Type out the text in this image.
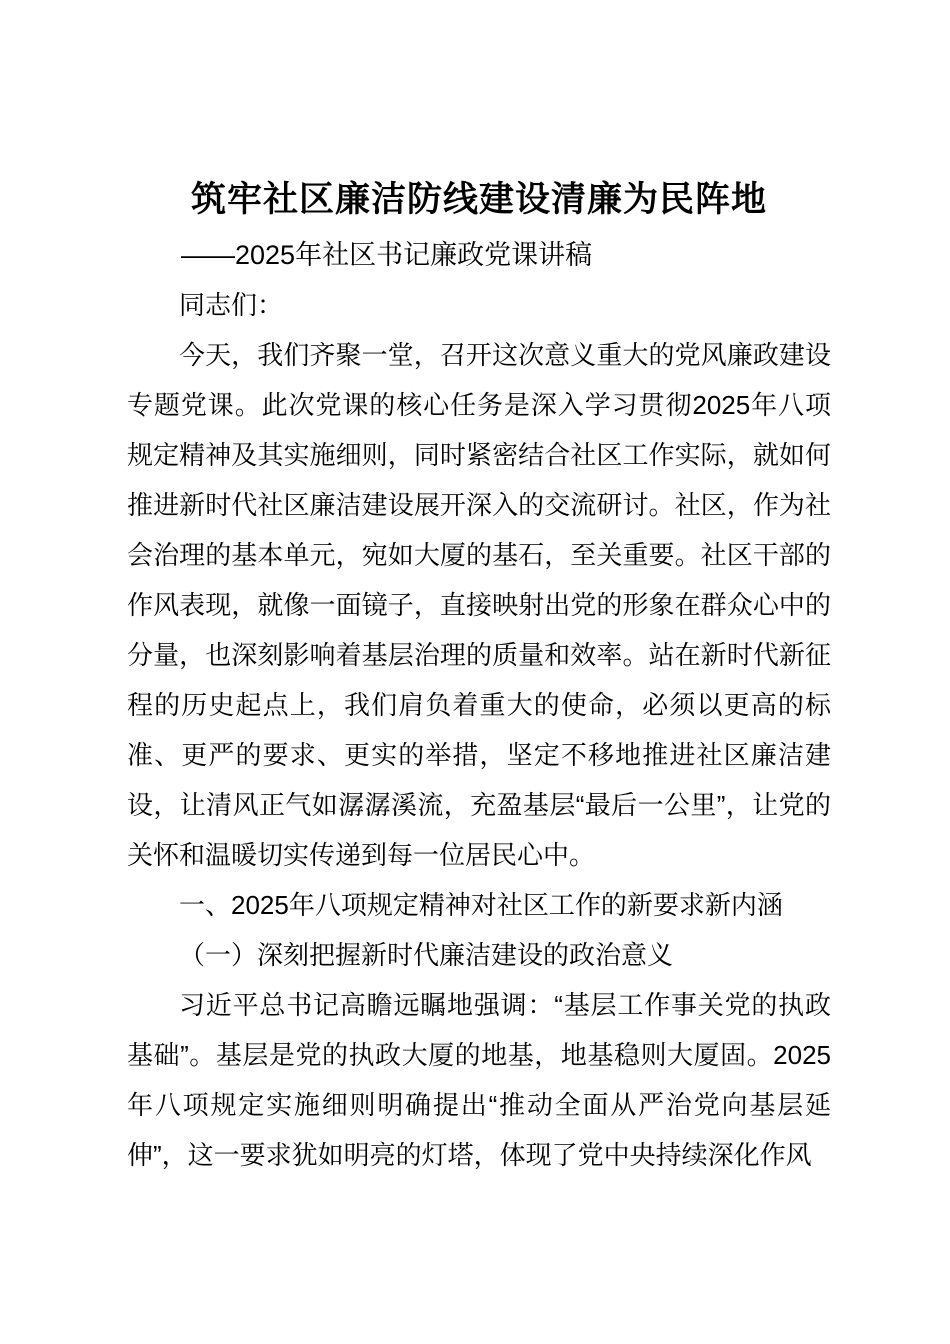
筑牢社区廉洁防线建设清廉为民阵地

——2025年社区书记廉政党课讲稿

同志们：

今天，我们齐聚一堂，召开这次意义重大的党风廉政建设专题党课。此次党课的核心任务是深入学习贯彻2025年八项规定精神及其实施细则，同时紧密结合社区工作实际，就如何推进新时代社区廉洁建设展开深入的交流研讨。社区，作为社会治理的基本单元，宛如大厦的基石，至关重要。社区干部的作风表现，就像一面镜子，直接映射出党的形象在群众心中的分量，也深刻影响着基层治理的质量和效率。站在新时代新征程的历史起点上，我们肩负着重大的使命，必须以更高的标准、更严的要求、更实的举措，坚定不移地推进社区廉洁建设，让清风正气如潺潺溪流，充盈基层“最后一公里”，让党的关怀和温暖切实传递到每一位居民心中。

一、2025年八项规定精神对社区工作的新要求新内涵

（一）深刻把握新时代廉洁建设的政治意义

习近平总书记高瞻远瞩地强调：“基层工作事关党的执政基础”。基层是党的执政大厦的地基，地基稳则大厦固。2025年八项规定实施细则明确提出“推动全面从严治党向基层延伸”，这一要求犹如明亮的灯塔，体现了党中央持续深化作风
